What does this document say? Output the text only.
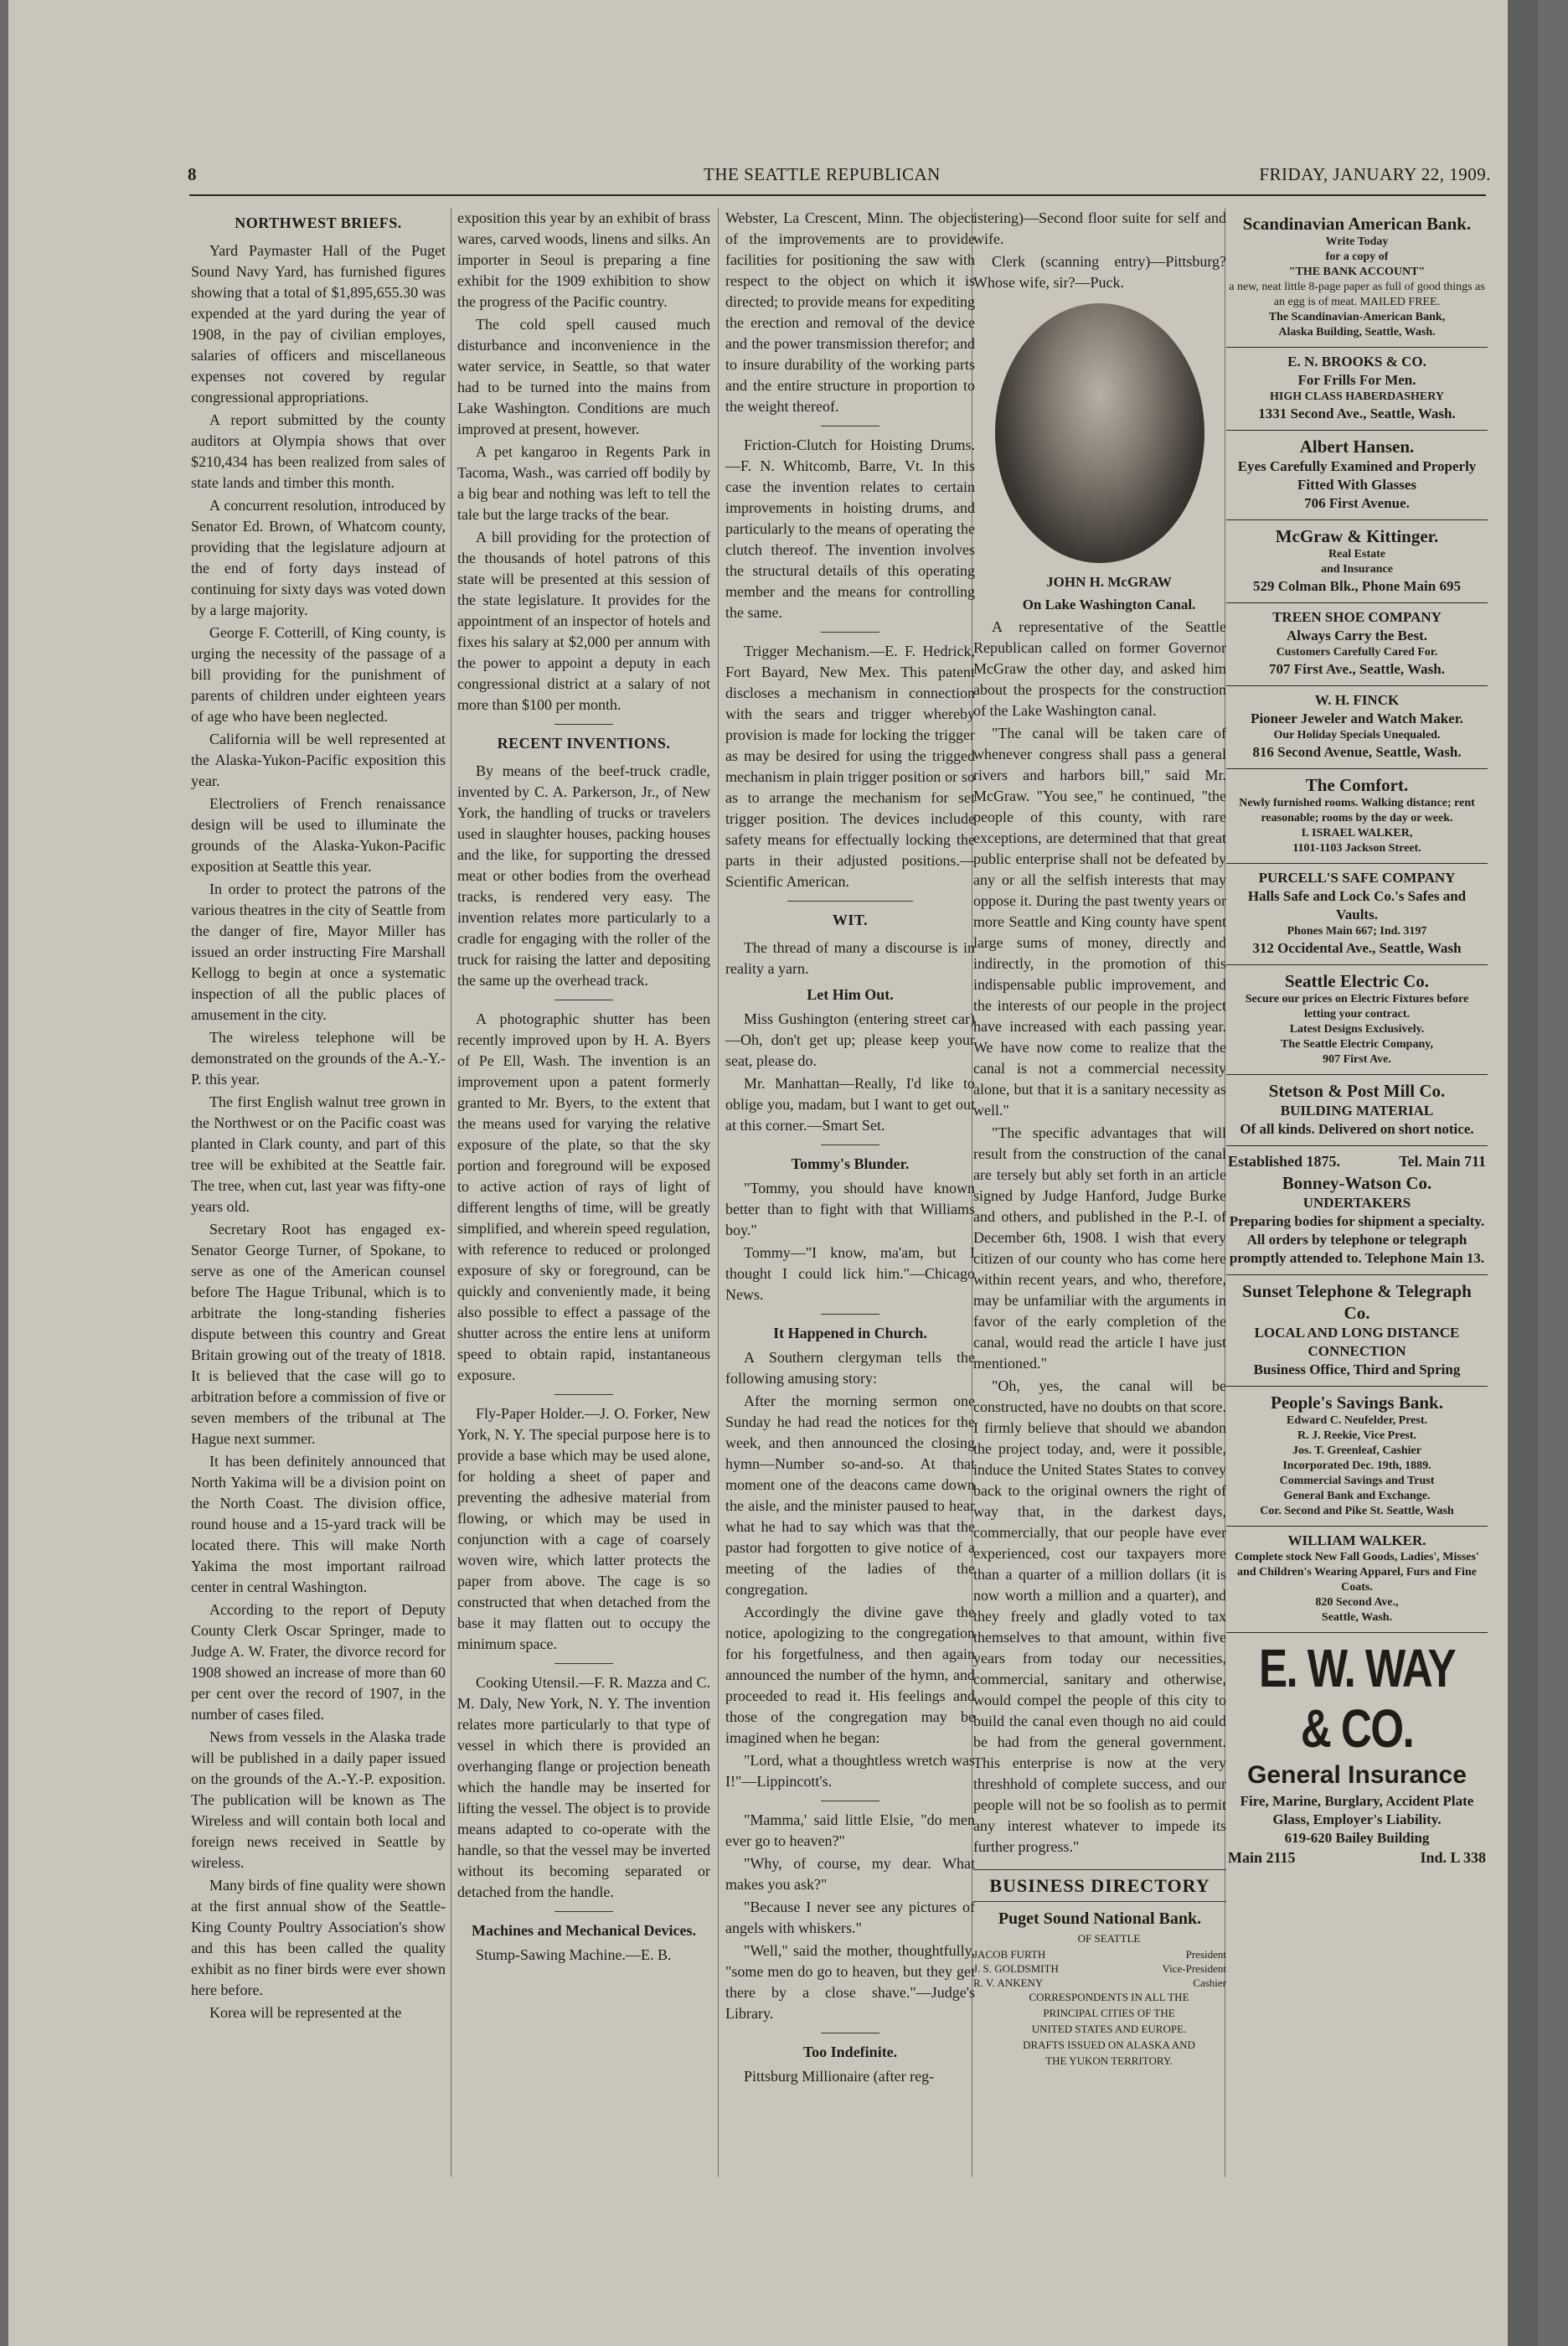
8	THE SEATTLE REPUBLICAN	FRIDAY, JANUARY 22, 1909.
NORTHWEST BRIEFS.

Yard Paymaster Hall of the Puget Sound Navy Yard, has furnished figures showing that a total of $1,895,655.30 was expended at the yard during the year of 1908, in the pay of civilian employes, salaries of officers and miscellaneous expenses not covered by regular congressional appropriations.

A report submitted by the county auditors at Olympia shows that over $210,434 has been realized from sales of state lands and timber this month.

A concurrent resolution, introduced by Senator Ed. Brown, of Whatcom county, providing that the legislature adjourn at the end of forty days instead of continuing for sixty days was voted down by a large majority.

George F. Cotterill, of King county, is urging the necessity of the passage of a bill providing for the punishment of parents of children under eighteen years of age who have been neglected.

California will be well represented at the Alaska-Yukon-Pacific exposition this year.

Electroliers of French renaissance design will be used to illuminate the grounds of the Alaska-Yukon-Pacific exposition at Seattle this year.

In order to protect the patrons of the various theatres in the city of Seattle from the danger of fire, Mayor Miller has issued an order instructing Fire Marshall Kellogg to begin at once a systematic inspection of all the public places of amusement in the city.

The wireless telephone will be demonstrated on the grounds of the A.-Y.-P. this year.

The first English walnut tree grown in the Northwest or on the Pacific coast was planted in Clark county, and part of this tree will be exhibited at the Seattle fair. The tree, when cut, last year was fifty-one years old.

Secretary Root has engaged ex-Senator George Turner, of Spokane, to serve as one of the American counsel before The Hague Tribunal, which is to arbitrate the long-standing fisheries dispute between this country and Great Britain growing out of the treaty of 1818. It is believed that the case will go to arbitration before a commission of five or seven members of the tribunal at The Hague next summer.

It has been definitely announced that North Yakima will be a division point on the North Coast. The division office, round house and a 15-yard track will be located there. This will make North Yakima the most important railroad center in central Washington.

According to the report of Deputy County Clerk Oscar Springer, made to Judge A. W. Frater, the divorce record for 1908 showed an increase of more than 60 per cent over the record of 1907, in the number of cases filed.

News from vessels in the Alaska trade will be published in a daily paper issued on the grounds of the A.-Y.-P. exposition. The publication will be known as The Wireless and will contain both local and foreign news received in Seattle by wireless.

Many birds of fine quality were shown at the first annual show of the Seattle-King County Poultry Association's show and this has been called the quality exhibit as no finer birds were ever shown here before.

Korea will be represented at the

exposition this year by an exhibit of brass wares, carved woods, linens and silks. An importer in Seoul is preparing a fine exhibit for the 1909 exhibition to show the progress of the Pacific country.

The cold spell caused much disturbance and inconvenience in the water service, in Seattle, so that water had to be turned into the mains from Lake Washington. Conditions are much improved at present, however.

A pet kangaroo in Regents Park in Tacoma, Wash., was carried off bodily by a big bear and nothing was left to tell the tale but the large tracks of the bear.

A bill providing for the protection of the thousands of hotel patrons of this state will be presented at this session of the state legislature. It provides for the appointment of an inspector of hotels and fixes his salary at $2,000 per annum with the power to appoint a deputy in each congressional district at a salary of not more than $100 per month.

RECENT INVENTIONS.

By means of the beef-truck cradle, invented by C. A. Parkerson, Jr., of New York, the handling of trucks or travelers used in slaughter houses, packing houses and the like, for supporting the dressed meat or other bodies from the overhead tracks, is rendered very easy. The invention relates more particularly to a cradle for engaging with the roller of the truck for raising the latter and depositing the same up the overhead track.

A photographic shutter has been recently improved upon by H. A. Byers of Pe Ell, Wash. The invention is an improvement upon a patent formerly granted to Mr. Byers, to the extent that the means used for varying the relative exposure of the plate, so that the sky portion and foreground will be exposed to active action of rays of light of different lengths of time, will be greatly simplified, and wherein speed regulation, with reference to reduced or prolonged exposure of sky or foreground, can be quickly and conveniently made, it being also possible to effect a passage of the shutter across the entire lens at uniform speed to obtain rapid, instantaneous exposure.

Fly-Paper Holder.—J. O. Forker, New York, N. Y. The special purpose here is to provide a base which may be used alone, for holding a sheet of paper and preventing the adhesive material from flowing, or which may be used in conjunction with a cage of coarsely woven wire, which latter protects the paper from above. The cage is so constructed that when detached from the base it may flatten out to occupy the minimum space.

Cooking Utensil.—F. R. Mazza and C. M. Daly, New York, N. Y. The invention relates more particularly to that type of vessel in which there is provided an overhanging flange or projection beneath which the handle may be inserted for lifting the vessel. The object is to provide means adapted to co-operate with the handle, so that the vessel may be inverted without its becoming separated or detached from the handle.

Machines and Mechanical Devices.

Stump-Sawing Machine.—E. B.

Webster, La Crescent, Minn. The object of the improvements are to provide facilities for positioning the saw with respect to the object on which it is directed; to provide means for expediting the erection and removal of the device and the power transmission therefor; and to insure durability of the working parts and the entire structure in proportion to the weight thereof.

Friction-Clutch for Hoisting Drums.—F. N. Whitcomb, Barre, Vt. In this case the invention relates to certain improvements in hoisting drums, and particularly to the means of operating the clutch thereof. The invention involves the structural details of this operating member and the means for controlling the same.

Trigger Mechanism.—E. F. Hedrick, Fort Bayard, New Mex. This patent discloses a mechanism in connection with the sears and trigger whereby provision is made for locking the trigger as may be desired for using the trigged mechanism in plain trigger position or so as to arrange the mechanism for set trigger position. The devices include safety means for effectually locking the parts in their adjusted positions.—Scientific American.

WIT.

The thread of many a discourse is in reality a yarn.

Let Him Out.

Miss Gushington (entering street car)—Oh, don't get up; please keep your seat, please do.

Mr. Manhattan—Really, I'd like to oblige you, madam, but I want to get out at this corner.—Smart Set.

Tommy's Blunder.

"Tommy, you should have known better than to fight with that Williams boy."

Tommy—"I know, ma'am, but I thought I could lick him."—Chicago News.

It Happened in Church.

A Southern clergyman tells the following amusing story:

After the morning sermon one Sunday he had read the notices for the week, and then announced the closing hymn—Number so-and-so. At that moment one of the deacons came down the aisle, and the minister paused to hear what he had to say which was that the pastor had forgotten to give notice of a meeting of the ladies of the congregation.

Accordingly the divine gave the notice, apologizing to the congregation for his forgetfulness, and then again announced the number of the hymn, and proceeded to read it. His feelings and those of the congregation may be imagined when he began:

"Lord, what a thoughtless wretch was I!"—Lippincott's.

"Mamma,' said little Elsie, "do men ever go to heaven?"

"Why, of course, my dear. What makes you ask?"

"Because I never see any pictures of angels with whiskers."

"Well," said the mother, thoughtfully, "some men do go to heaven, but they get there by a close shave."—Judge's Library.

Too Indefinite.

Pittsburg Millionaire (after reg-

istering)—Second floor suite for self and wife.

Clerk (scanning entry)—Pittsburg? Whose wife, sir?—Puck.

JOHN H. McGRAW

On Lake Washington Canal.

A representative of the Seattle Republican called on former Governor McGraw the other day, and asked him about the prospects for the construction of the Lake Washington canal.

"The canal will be taken care of whenever congress shall pass a general rivers and harbors bill," said Mr. McGraw. "You see," he continued, "the people of this county, with rare exceptions, are determined that that great public enterprise shall not be defeated by any or all the selfish interests that may oppose it. During the past twenty years or more Seattle and King county have spent large sums of money, directly and indirectly, in the promotion of this indispensable public improvement, and the interests of our people in the project have increased with each passing year. We have now come to realize that the canal is not a commercial necessity alone, but that it is a sanitary necessity as well."

"The specific advantages that will result from the construction of the canal are tersely but ably set forth in an article signed by Judge Hanford, Judge Burke and others, and published in the P.-I. of December 6th, 1908. I wish that every citizen of our county who has come here within recent years, and who, therefore, may be unfamiliar with the arguments in favor of the early completion of the canal, would read the article I have just mentioned."

"Oh, yes, the canal will be constructed, have no doubts on that score. I firmly believe that should we abandon the project today, and, were it possible, induce the United States States to convey back to the original owners the right of way that, in the darkest days, commercially, that our people have ever experienced, cost our taxpayers more than a quarter of a million dollars (it is now worth a million and a quarter), and they freely and gladly voted to tax themselves to that amount, within five years from today our necessities, commercial, sanitary and otherwise, would compel the people of this city to build the canal even though no aid could be had from the general government. This enterprise is now at the very threshhold of complete success, and our people will not be so foolish as to permit any interest whatever to impede its further progress."

BUSINESS DIRECTORY
Puget Sound National Bank.

OF SEATTLE

JACOB FURTH	President
J. S. GOLDSMITH	Vice-President
R. V. ANKENY	Cashier

CORRESPONDENTS IN ALL THE

PRINCIPAL CITIES OF THE

UNITED STATES AND EUROPE.

DRAFTS ISSUED ON ALASKA AND

THE YUKON TERRITORY.

Scandinavian American Bank.
Write Today
for a copy of
"THE BANK ACCOUNT"
a new, neat little 8-page paper as full of good things as an egg is of meat. MAILED FREE.
The Scandinavian-American Bank,
Alaska Building, Seattle, Wash.
E. N. BROOKS & CO.
For Frills For Men.
HIGH CLASS HABERDASHERY
1331 Second Ave., Seattle, Wash.
Albert Hansen.
Eyes Carefully Examined and Properly Fitted With Glasses
706 First Avenue.
McGraw & Kittinger.
Real Estate
and Insurance
529 Colman Blk., Phone Main 695
TREEN SHOE COMPANY
Always Carry the Best.
Customers Carefully Cared For.
707 First Ave., Seattle, Wash.
W. H. FINCK
Pioneer Jeweler and Watch Maker.
Our Holiday Specials Unequaled.
816 Second Avenue, Seattle, Wash.
The Comfort.
Newly furnished rooms. Walking distance; rent reasonable; rooms by the day or week.
I. ISRAEL WALKER,
1101-1103 Jackson Street.
PURCELL'S SAFE COMPANY
Halls Safe and Lock Co.'s Safes and Vaults.
Phones Main 667; Ind. 3197
312 Occidental Ave., Seattle, Wash
Seattle Electric Co.
Secure our prices on Electric Fixtures before letting your contract.
Latest Designs Exclusively.
The Seattle Electric Company,
907 First Ave.
Stetson & Post Mill Co.
BUILDING MATERIAL
Of all kinds. Delivered on short notice.
Established 1875.	Tel. Main 711
Bonney-Watson Co.
UNDERTAKERS
Preparing bodies for shipment a specialty. All orders by telephone or telegraph promptly attended to. Telephone Main 13.
Sunset Telephone & Telegraph Co.
LOCAL AND LONG DISTANCE
CONNECTION
Business Office, Third and Spring
People's Savings Bank.
Edward C. Neufelder, Prest.
R. J. Reekie, Vice Prest.
Jos. T. Greenleaf, Cashier
Incorporated Dec. 19th, 1889.
Commercial Savings and Trust
General Bank and Exchange.
Cor. Second and Pike St. Seattle, Wash
WILLIAM WALKER.
Complete stock New Fall Goods, Ladies', Misses' and Children's Wearing Apparel, Furs and Fine Coats.
820 Second Ave.,
Seattle, Wash.
E. W. WAY & CO.
General Insurance
Fire, Marine, Burglary, Accident Plate Glass, Employer's Liability.
619-620 Bailey Building
Main 2115	Ind. L 338
